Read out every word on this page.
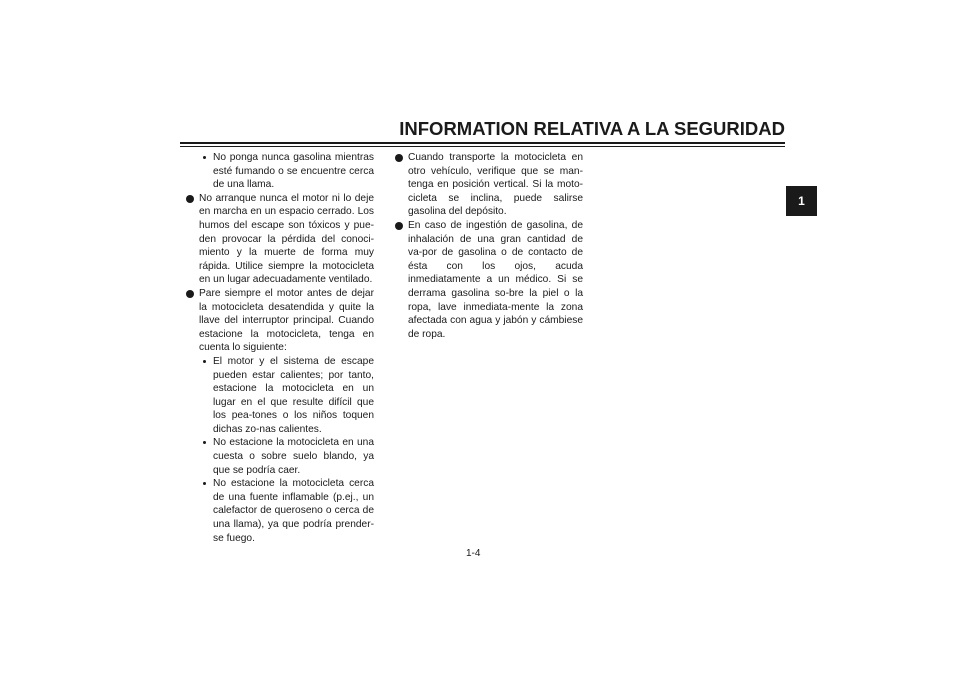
INFORMATION RELATIVA A LA SEGURIDAD
1

No ponga nunca gasolina mientras esté fumando o se encuentre cerca de una llama.

No arranque nunca el motor ni lo deje en marcha en un espacio cerrado. Los humos del escape son tóxicos y pue-den provocar la pérdida del conoci-miento y la muerte de forma muy rápida. Utilice siempre la motocicleta en un lugar adecuadamente ventilado.

Pare siempre el motor antes de dejar la motocicleta desatendida y quite la llave del interruptor principal. Cuando estacione la motocicleta, tenga en cuenta lo siguiente:

El motor y el sistema de escape pueden estar calientes; por tanto, estacione la motocicleta en un lugar en el que resulte difícil que los pea-tones o los niños toquen dichas zo-nas calientes.

No estacione la motocicleta en una cuesta o sobre suelo blando, ya que se podría caer.

No estacione la motocicleta cerca de una fuente inflamable (p.ej., un calefactor de queroseno o cerca de una llama), ya que podría prender-se fuego.

Cuando transporte la motocicleta en otro vehículo, verifique que se man-tenga en posición vertical. Si la moto-cicleta se inclina, puede salirse gasolina del depósito.

En caso de ingestión de gasolina, de inhalación de una gran cantidad de va-por de gasolina o de contacto de ésta con los ojos, acuda inmediatamente a un médico. Si se derrama gasolina so-bre la piel o la ropa, lave inmediata-mente la zona afectada con agua y jabón y cámbiese de ropa.

1-4
